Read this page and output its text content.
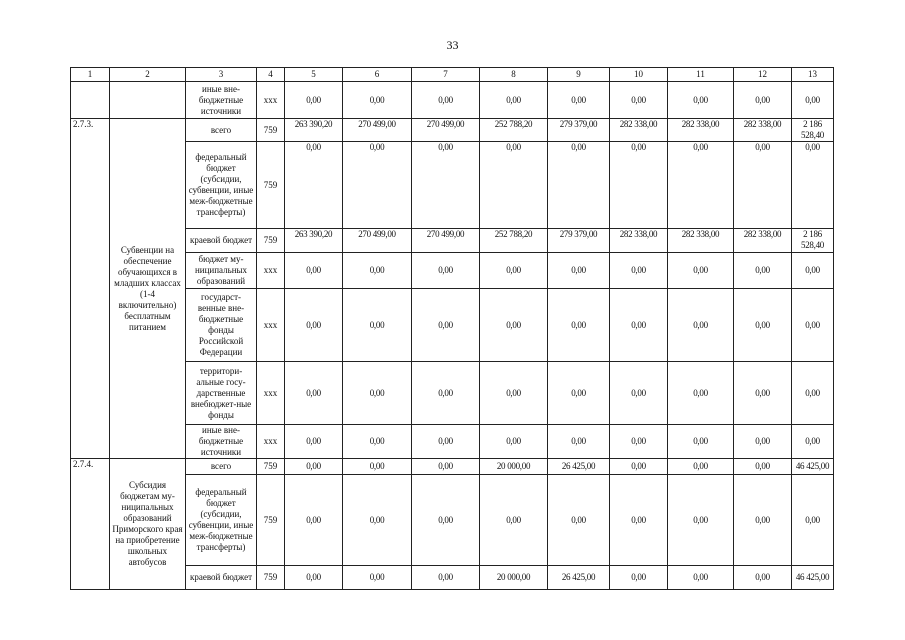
33
1	2	3	4	5	6	7	8	9	10	11	12	13
		иные вне-бюджетные источники	xxx	0,00	0,00	0,00	0,00	0,00	0,00	0,00	0,00	0,00
2.7.3.	Субвенции на обеспечение обучающихся в младших классах (1-4 включительно) бесплатным питанием	всего	759	263 390,20	270 499,00	270 499,00	252 788,20	279 379,00	282 338,00	282 338,00	282 338,00	2 186 528,40
		федеральный бюджет (субсидии, субвенции, иные меж-бюджетные трансферты)	759	0,00	0,00	0,00	0,00	0,00	0,00	0,00	0,00	0,00
		краевой бюджет	759	263 390,20	270 499,00	270 499,00	252 788,20	279 379,00	282 338,00	282 338,00	282 338,00	2 186 528,40
		бюджет му-ниципальных образований	xxx	0,00	0,00	0,00	0,00	0,00	0,00	0,00	0,00	0,00
		государст-венные вне-бюджетные фонды Российской Федерации	xxx	0,00	0,00	0,00	0,00	0,00	0,00	0,00	0,00	0,00
		территори-альные госу-дарственные внебюджет-ные фонды	xxx	0,00	0,00	0,00	0,00	0,00	0,00	0,00	0,00	0,00
		иные вне-бюджетные источники	xxx	0,00	0,00	0,00	0,00	0,00	0,00	0,00	0,00	0,00
2.7.4.	Субсидия бюджетам му-ниципальных образований Приморского края на приобретение школьных автобусов	всего	759	0,00	0,00	0,00	20 000,00	26 425,00	0,00	0,00	0,00	46 425,00
		федеральный бюджет (субсидии, субвенции, иные меж-бюджетные трансферты)	759	0,00	0,00	0,00	0,00	0,00	0,00	0,00	0,00	0,00
		краевой бюджет	759	0,00	0,00	0,00	20 000,00	26 425,00	0,00	0,00	0,00	46 425,00
